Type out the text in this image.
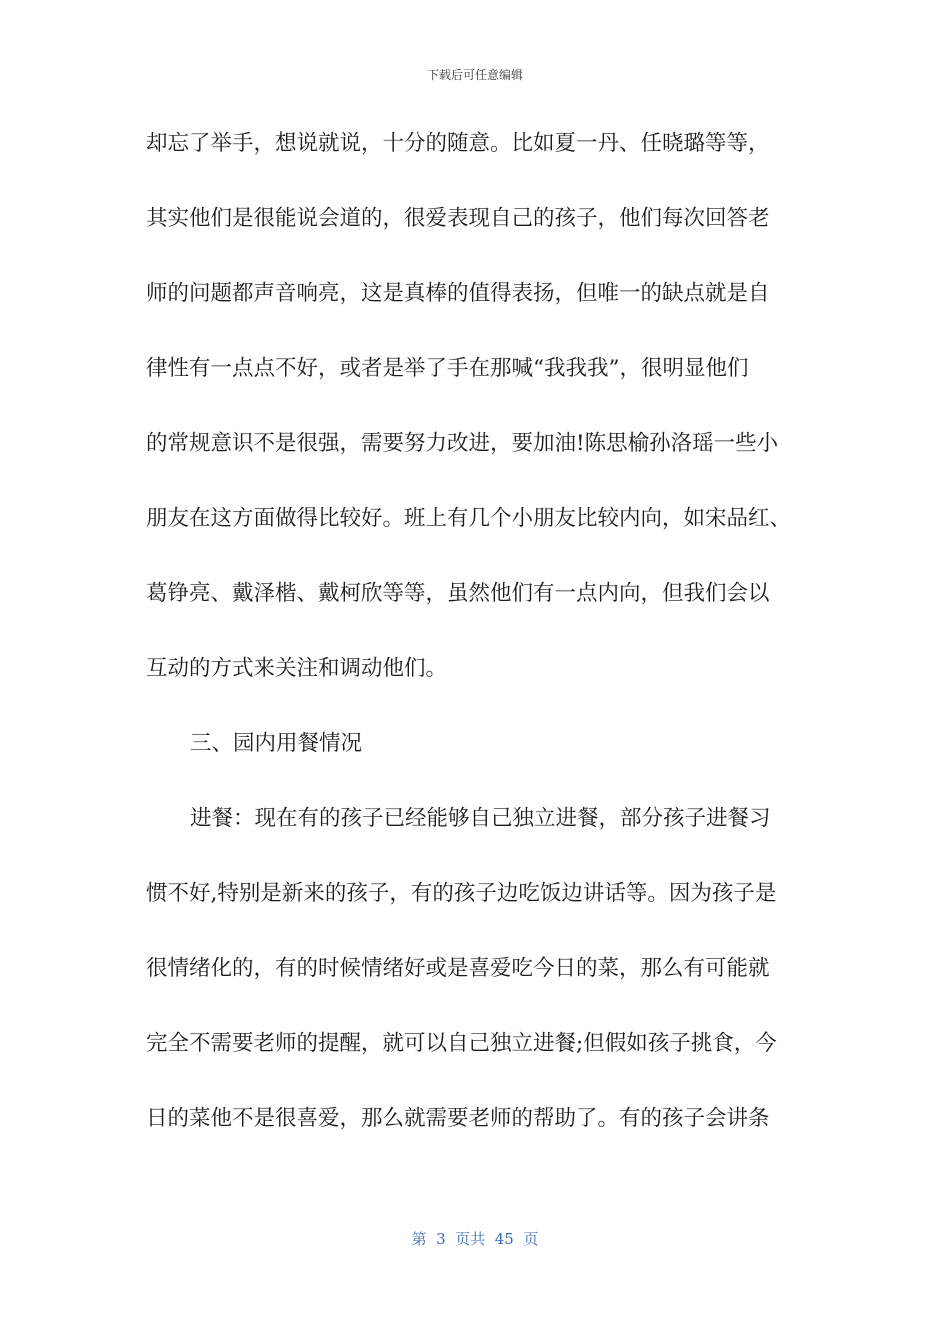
下载后可任意编辑
却忘了举手，想说就说，十分的随意。比如夏一丹、任晓璐等等，
其实他们是很能说会道的，很爱表现自己的孩子，他们每次回答老
师的问题都声音响亮，这是真棒的值得表扬，但唯一的缺点就是自
律性有一点点不好，或者是举了手在那喊“我我我”，很明显他们
的常规意识不是很强，需要努力改进，要加油!陈思榆孙洛瑶一些小
朋友在这方面做得比较好。班上有几个小朋友比较内向，如宋品红、
葛铮亮、戴泽楷、戴柯欣等等，虽然他们有一点内向，但我们会以
互动的方式来关注和调动他们。
三、园内用餐情况
进餐：现在有的孩子已经能够自己独立进餐，部分孩子进餐习
惯不好,特别是新来的孩子，有的孩子边吃饭边讲话等。因为孩子是
很情绪化的，有的时候情绪好或是喜爱吃今日的菜，那么有可能就
完全不需要老师的提醒，就可以自己独立进餐;但假如孩子挑食，今
日的菜他不是很喜爱，那么就需要老师的帮助了。有的孩子会讲条
第  3  页共  45  页
